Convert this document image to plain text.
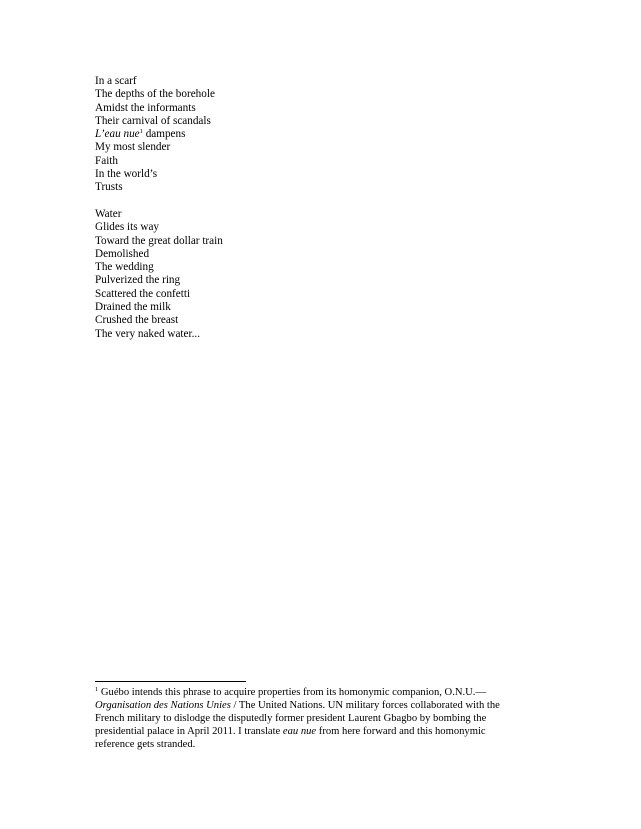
In a scarf
The depths of the borehole
Amidst the informants
Their carnival of scandals
L’eau nue$^1$ dampens
My most slender
Faith
In the world’s
Trusts
Water
Glides its way
Toward the great dollar train
Demolished
The wedding
Pulverized the ring
Scattered the confetti
Drained the milk
Crushed the breast
The very naked water...
$^1$ Guébo intends this phrase to acquire properties from its homonymic companion, O.N.U.—
Organisation des Nations Unies / The United Nations. UN military forces collaborated with the
French military to dislodge the disputedly former president Laurent Gbagbo by bombing the
presidential palace in April 2011. I translate eau nue from here forward and this homonymic
reference gets stranded.
